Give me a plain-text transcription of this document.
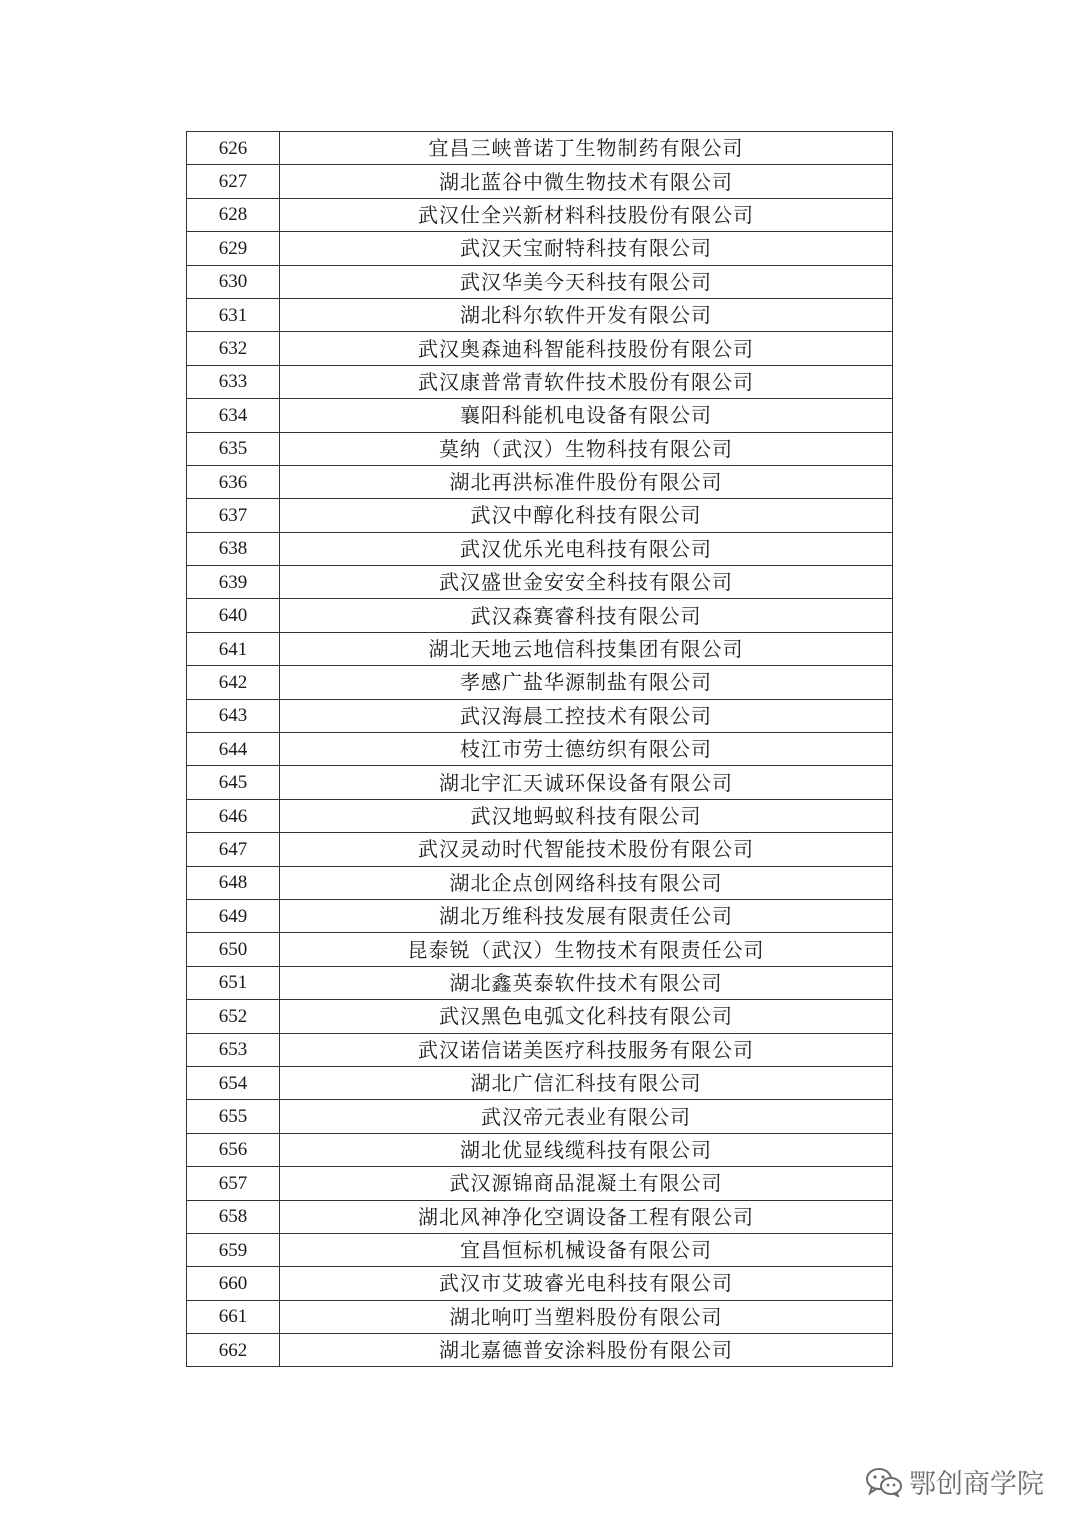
626	宜昌三峡普诺丁生物制药有限公司
627	湖北蓝谷中微生物技术有限公司
628	武汉仕全兴新材料科技股份有限公司
629	武汉天宝耐特科技有限公司
630	武汉华美今天科技有限公司
631	湖北科尔软件开发有限公司
632	武汉奥森迪科智能科技股份有限公司
633	武汉康普常青软件技术股份有限公司
634	襄阳科能机电设备有限公司
635	莫纳（武汉）生物科技有限公司
636	湖北再洪标准件股份有限公司
637	武汉中醇化科技有限公司
638	武汉优乐光电科技有限公司
639	武汉盛世金安安全科技有限公司
640	武汉森赛睿科技有限公司
641	湖北天地云地信科技集团有限公司
642	孝感广盐华源制盐有限公司
643	武汉海晨工控技术有限公司
644	枝江市劳士德纺织有限公司
645	湖北宇汇天诚环保设备有限公司
646	武汉地蚂蚁科技有限公司
647	武汉灵动时代智能技术股份有限公司
648	湖北企点创网络科技有限公司
649	湖北万维科技发展有限责任公司
650	昆泰锐（武汉）生物技术有限责任公司
651	湖北鑫英泰软件技术有限公司
652	武汉黑色电弧文化科技有限公司
653	武汉诺信诺美医疗科技服务有限公司
654	湖北广信汇科技有限公司
655	武汉帝元表业有限公司
656	湖北优显线缆科技有限公司
657	武汉源锦商品混凝土有限公司
658	湖北风神净化空调设备工程有限公司
659	宜昌恒标机械设备有限公司
660	武汉市艾玻睿光电科技有限公司
661	湖北响叮当塑料股份有限公司
662	湖北嘉德普安涂料股份有限公司
鄂创商学院
